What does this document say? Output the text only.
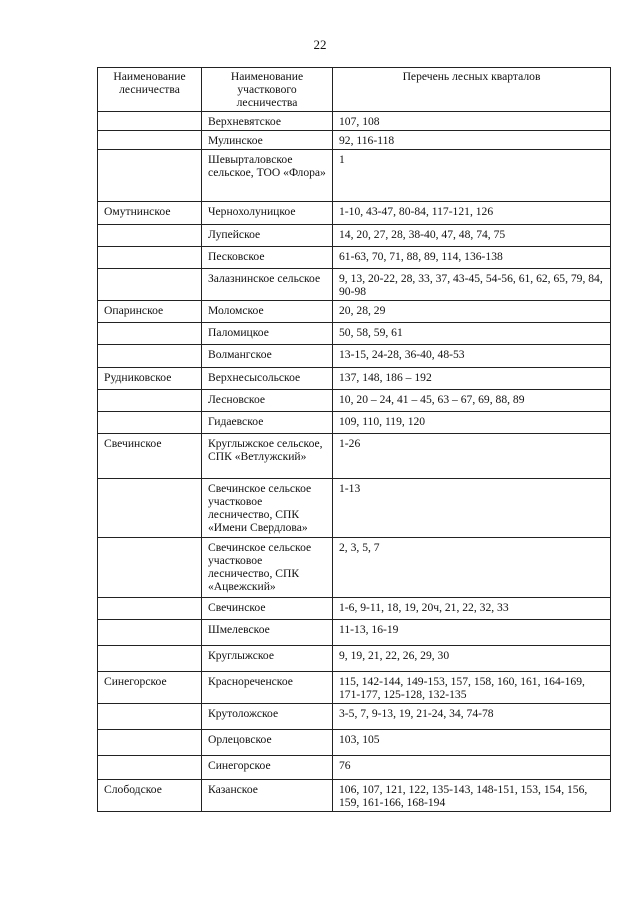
22
Наименование лесничества	Наименование участкового лесничества	Перечень лесных кварталов
	Верхневятское	107, 108
	Мулинское	92, 116-118
	Шевырталовское сельское, ТОО «Флора»	1
Омутнинское	Чернохолуницкое	1-10, 43-47, 80-84, 117-121, 126
	Лупейское	14, 20, 27, 28, 38-40, 47, 48, 74, 75
	Песковское	61-63, 70, 71, 88, 89, 114, 136-138
	Залазнинское сельское	9, 13, 20-22, 28, 33, 37, 43-45, 54-56, 61, 62, 65, 79, 84, 90-98
Опаринское	Моломское	20, 28, 29
	Паломицкое	50, 58, 59, 61
	Волмангское	13-15, 24-28, 36-40, 48-53
Рудниковское	Верхнесысольское	137, 148, 186 – 192
	Лесновское	10, 20 – 24, 41 – 45, 63 – 67, 69, 88, 89
	Гидаевское	109, 110, 119, 120
Свечинское	Круглыжское сельское, СПК «Ветлужский»	1-26
	Свечинское сельское участковое лесничество, СПК «Имени Свердлова»	1-13
	Свечинское сельское участковое лесничество, СПК «Ацвежский»	2, 3, 5, 7
	Свечинское	1-6, 9-11, 18, 19, 20ч, 21, 22, 32, 33
	Шмелевское	11-13, 16-19
	Круглыжское	9, 19, 21, 22, 26, 29, 30
Синегорское	Краснореченское	115, 142-144, 149-153, 157, 158, 160, 161, 164-169, 171-177, 125-128, 132-135
	Крутоложское	3-5, 7, 9-13, 19, 21-24, 34, 74-78
	Орлецовское	103, 105
	Синегорское	76
Слободское	Казанское	106, 107, 121, 122, 135-143, 148-151, 153, 154, 156, 159, 161-166, 168-194
